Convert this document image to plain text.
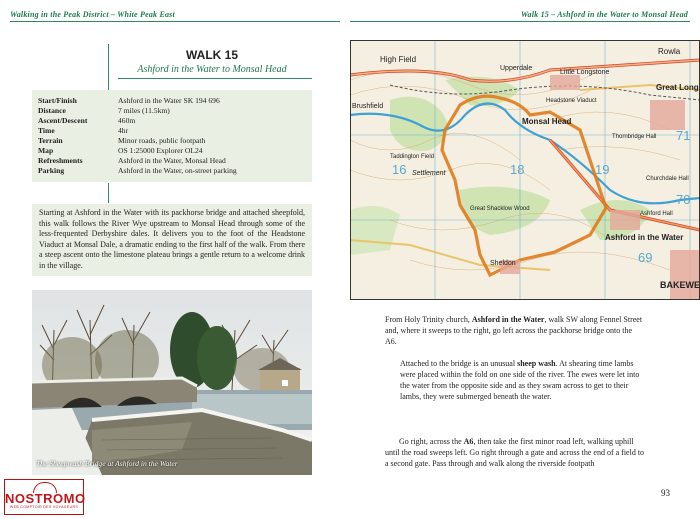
Walking in the Peak District – White Peak East
WALK 15
Ashford in the Water to Monsal Head
Start/Finish	Ashford in the Water SK 194 696
Distance	7 miles (11.5km)
Ascent/Descent	460m
Time	4hr
Terrain	Minor roads, public footpath
Map	OS 1:25000 Explorer OL24
Refreshments	Ashford in the Water, Monsal Head
Parking	Ashford in the Water, on-street parking
Starting at Ashford in the Water with its packhorse bridge and attached sheepfold, this walk follows the River Wye upstream to Monsal Head through some of the less-frequented Derbyshire dales. It delivers you to the foot of the Headstone Viaduct at Monsal Dale, a dramatic ending to the first half of the walk. From there a steep ascent onto the limestone plateau brings a gentle return to a welcome drink in the village.
The Sheepwash Bridge at Ashford in the Water
NOSTROMO
WEB COMPTOIR DES VOYAGEURS
Walk 15 – Ashford in the Water to Monsal Head
High Field
Brushfield
Monsal Head
Great Long
Little Longstone
Upperdale
Ashford in the Water
Sheldon
BAKEWE
Settlement
Headstone Viaduct
Thornbridge Hall
Churchdale Hall
Ashford Hall
Taddington Field
Great Shacklow Wood
Rowla
18	19
16
70
71
69
From Holy Trinity church, Ashford in the Water, walk SW along Fennel Street and, where it sweeps to the right, go left across the packhorse bridge onto the A6.
Attached to the bridge is an unusual sheep wash. At shearing time lambs were placed within the fold on one side of the river. The ewes were let into the water from the opposite side and as they swam across to get to their lambs, they were submerged beneath the water.
Go right, across the A6, then take the first minor road left, walking uphill until the road sweeps left. Go right through a gate and across the end of a field to a second gate. Pass through and walk along the riverside footpath
93
